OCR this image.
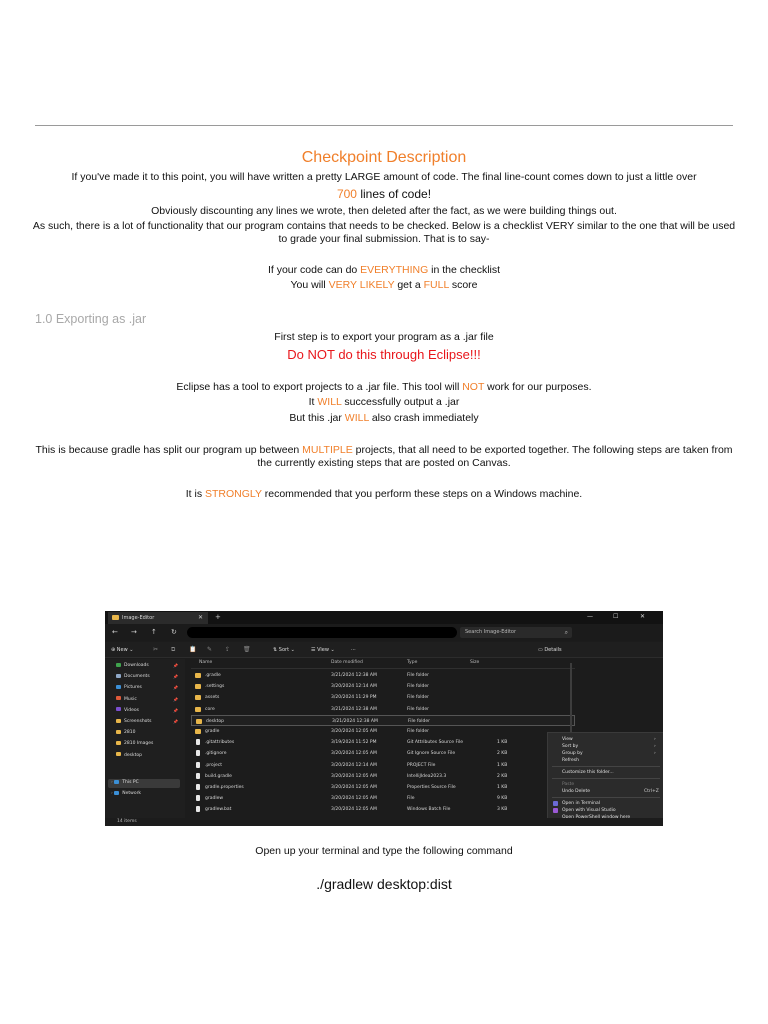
Checkpoint Description
If you've made it to this point, you will have written a pretty LARGE amount of code. The final line-count comes down to just a little over
700 lines of code!
Obviously discounting any lines we wrote, then deleted after the fact, as we were building things out.
As such, there is a lot of functionality that our program contains that needs to be checked. Below is a checklist VERY similar to the one that will be used to grade your final submission. That is to say-
If your code can do EVERYTHING in the checklist
You will VERY LIKELY get a FULL score
1.0 Exporting as .jar
First step is to export your program as a .jar file
Do NOT do this through Eclipse!!!
Eclipse has a tool to export projects to a .jar file. This tool will NOT work for our purposes.
It WILL successfully output a .jar
But this .jar WILL also crash immediately
This is because gradle has split our program up between MULTIPLE projects, that all need to be exported together. The following steps are taken from the currently existing steps that are posted on Canvas.
It is STRONGLY recommended that you perform these steps on a Windows machine.
Image-Editor	✕ +	—	☐	✕
← → ↑ ↻	Search Image-Editor	⌕
⊕ New ⌄	✂ ⧉ 📋 ✎ ⇪ 🗑	⇅ Sort ⌄	☰ View ⌄	···	▭ Details
Downloads	📌
Documents	📌
Pictures	📌
Music	📌
Videos	📌
Screenshots	📌
2810
2810 Images
desktop
› This PC
› Network
Name	Date modified	Type	Size
.gradle	3/21/2024 12:38 AM	File folder
.settings	3/20/2024 12:14 AM	File folder
assets	3/20/2024 11:29 PM	File folder
core	3/21/2024 12:38 AM	File folder
desktop	3/21/2024 12:38 AM	File folder
gradle	3/20/2024 12:05 AM	File folder
.gitattributes	3/19/2024 11:52 PM	Git Attributes Source File	1 KB
.gitignore	3/20/2024 12:05 AM	Git Ignore Source File	2 KB
.project	3/20/2024 12:14 AM	PROJECT File	1 KB
build.gradle	3/20/2024 12:05 AM	IntelliJIdea2023.3	2 KB
gradle.properties	3/20/2024 12:05 AM	Properties Source File	1 KB
gradlew	3/20/2024 12:05 AM	File	9 KB
gradlew.bat	3/20/2024 12:05 AM	Windows Batch File	3 KB
View	›
Sort by	›
Group by	›
Refresh
Customize this folder...
Paste
Undo Delete	Ctrl+Z
Open in Terminal
Open with Visual Studio
14 items
Open up your terminal and type the following command
./gradlew desktop:dist
